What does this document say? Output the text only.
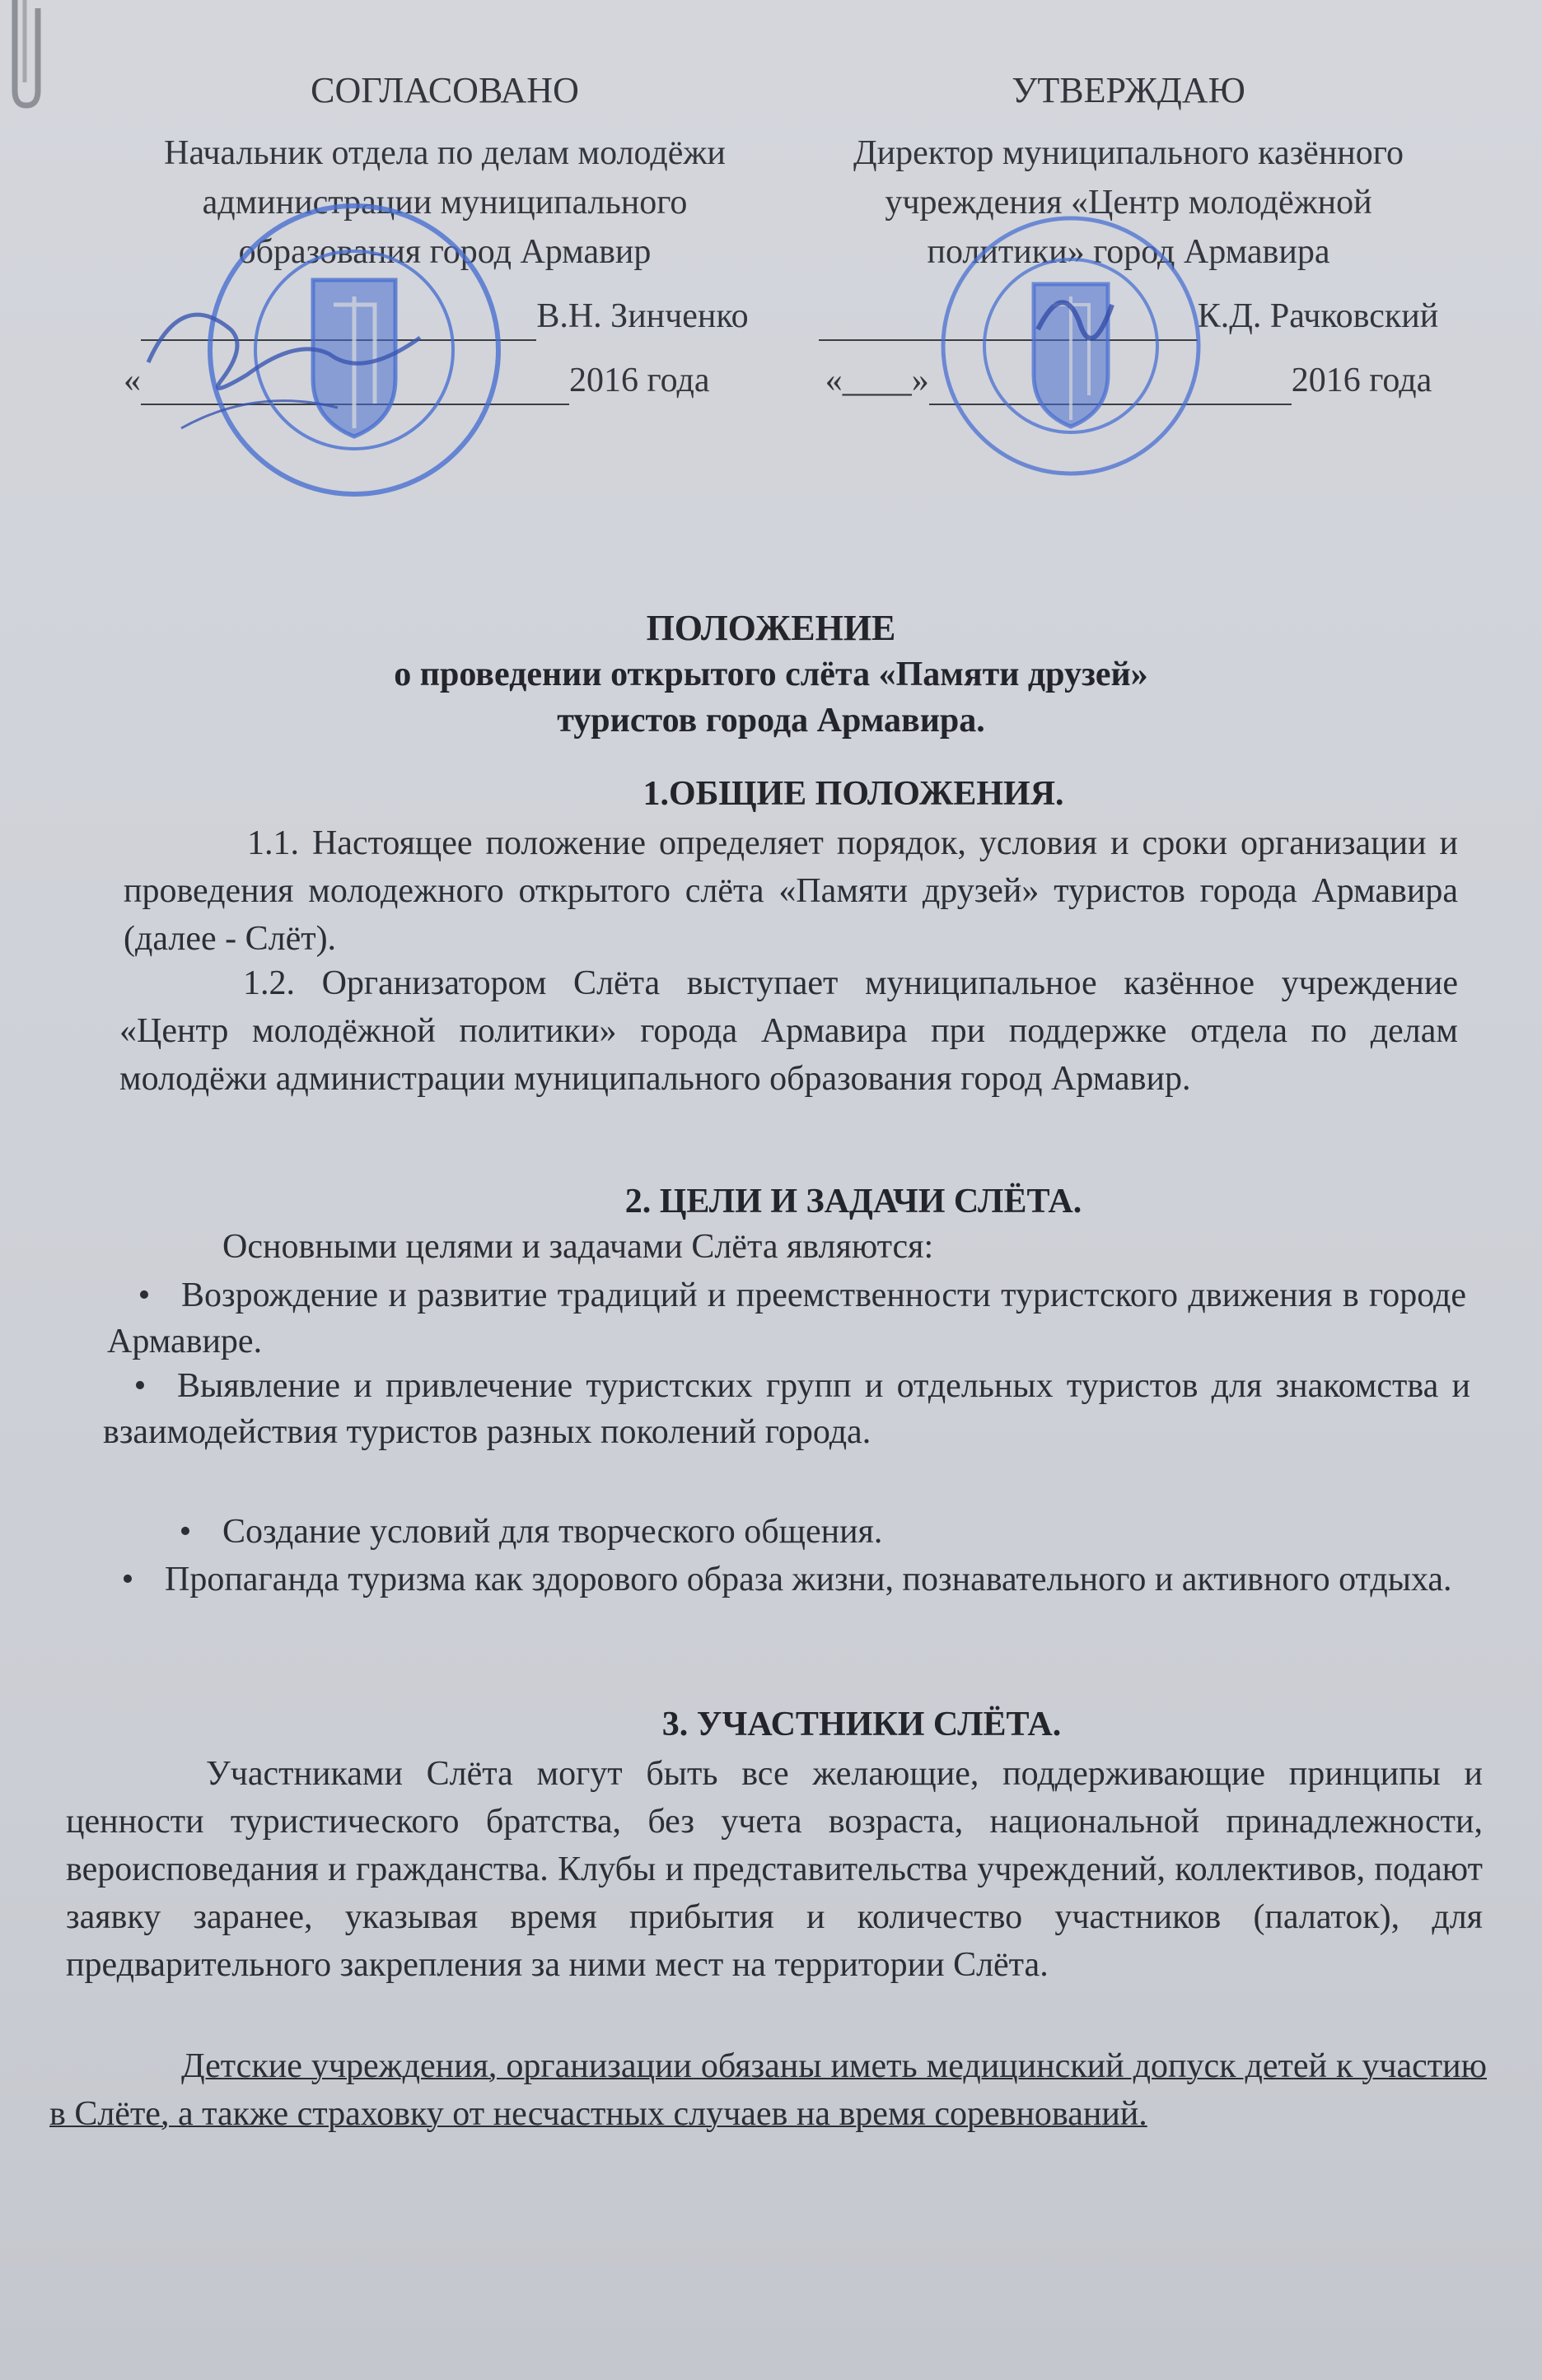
СОГЛАСОВАНО
Начальник отдела по делам молодёжи администрации муниципального образования город Армавир
В.Н. Зинченко
«	2016 года
УТВЕРЖДАЮ
Директор муниципального казённого учреждения «Центр молодёжной политики» город Армавира
К.Д. Рачковский
«____»	2016 года
ПОЛОЖЕНИЕ
о проведении открытого слёта «Памяти друзей»
туристов города Армавира.
1.ОБЩИЕ ПОЛОЖЕНИЯ.
1.1. Настоящее положение определяет порядок, условия и сроки организации и проведения молодежного открытого слёта «Памяти друзей» туристов города Армавира (далее - Слёт).
1.2. Организатором Слёта выступает муниципальное казённое учреждение «Центр молодёжной политики» города Армавира при поддержке отдела по делам молодёжи администрации муниципального образования город Армавир.
2. ЦЕЛИ И ЗАДАЧИ СЛЁТА.
Основными целями и задачами Слёта являются:
• Возрождение и развитие традиций и преемственности туристского движения в городе Армавире.
• Выявление и привлечение туристских групп и отдельных туристов для знакомства и взаимодействия туристов разных поколений города.
• Создание условий для творческого общения.
• Пропаганда туризма как здорового образа жизни, познавательного и активного отдыха.
3. УЧАСТНИКИ СЛЁТА.
Участниками Слёта могут быть все желающие, поддерживающие принципы и ценности туристического братства, без учета возраста, национальной принадлежности, вероисповедания и гражданства. Клубы и представительства учреждений, коллективов, подают заявку заранее, указывая время прибытия и количество участников (палаток), для предварительного закрепления за ними мест на территории Слёта.
Детские учреждения, организации обязаны иметь медицинский допуск детей к участию в Слёте, а также страховку от несчастных случаев на время соревнований.
